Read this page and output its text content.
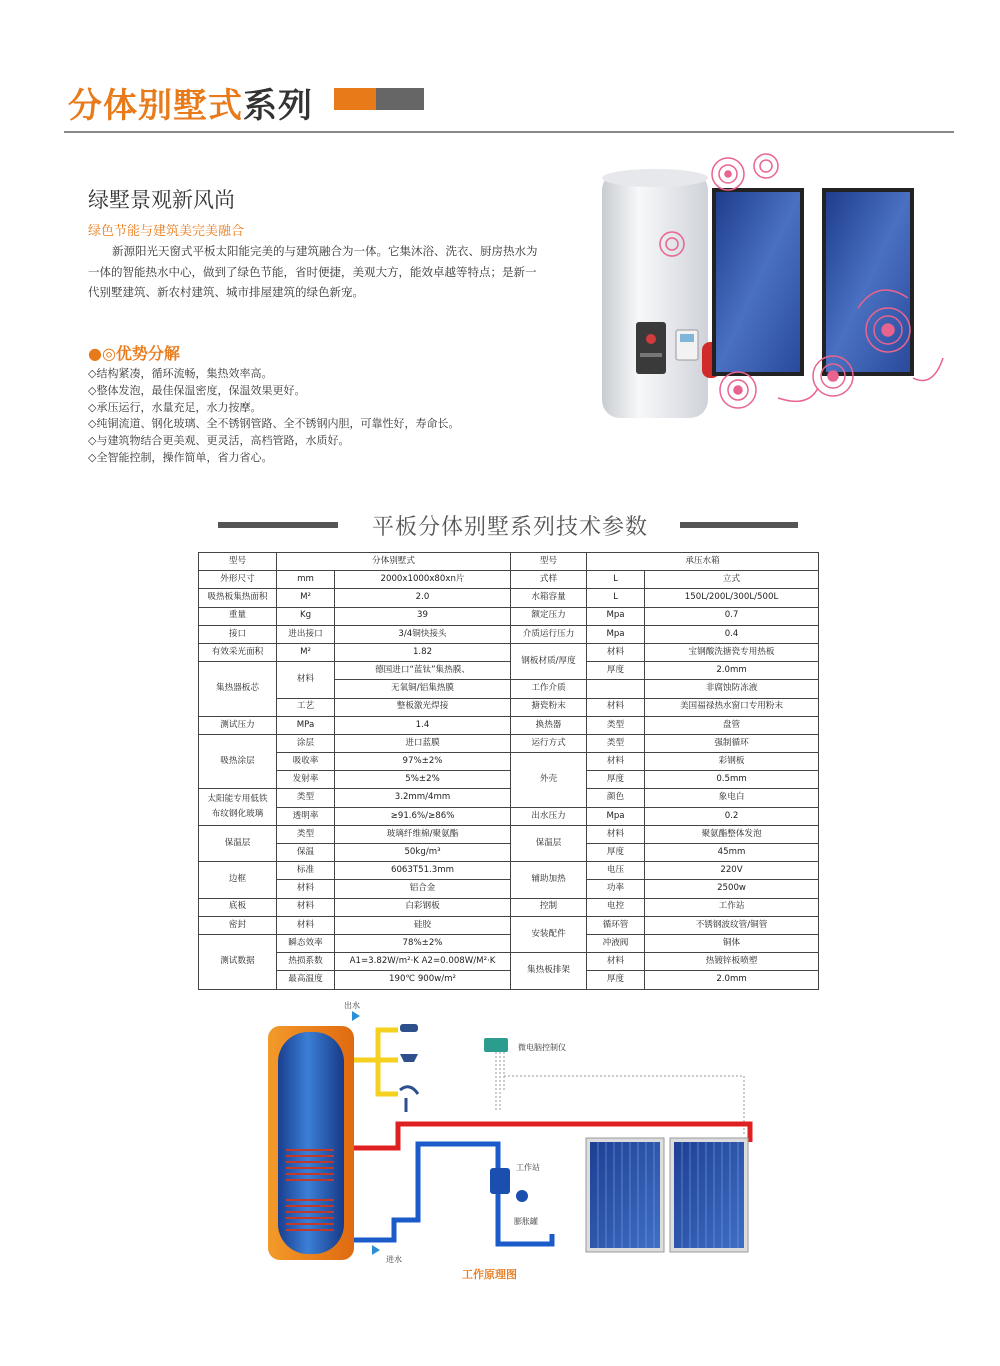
分体别墅式系列
绿墅景观新风尚
绿色节能与建筑美完美融合
新源阳光天窗式平板太阳能完美的与建筑融合为一体。它集沐浴、洗衣、厨房热水为一体的智能热水中心，做到了绿色节能，省时便捷，美观大方，能效卓越等特点；是新一代别墅建筑、新农村建筑、城市排屋建筑的绿色新宠。
●◎优势分解
◇结构紧凑，循环流畅，集热效率高。
◇整体发泡，最佳保温密度，保温效果更好。
◇承压运行，水量充足，水力按摩。
◇纯铜流道、钢化玻璃、全不锈钢管路、全不锈钢内胆，可靠性好，寿命长。
◇与建筑物结合更美观、更灵活，高档管路，水质好。
◇全智能控制，操作简单，省力省心。
平板分体别墅系列技术参数
型号	分体别墅式		型号	承压水箱	
外形尺寸	mm	2000x1000x80xn片	式样	L	立式
吸热板集热面积	M²	2.0	水箱容量	L	150L/200L/300L/500L
重量	Kg	39	额定压力	Mpa	0.7
接口	进出接口	3/4铜快接头	介质运行压力	Mpa	0.4
有效采光面积	M²	1.82	钢板材质/厚度	材料	宝钢酸洗搪瓷专用热板
集热器板芯	材料	德国进口“蓝钛”集热膜、		厚度	2.0mm
		无氧铜/铝集热膜	工作介质		非腐蚀防冻液
	工艺	整板激光焊接	搪瓷粉末	材料	美国福禄热水窗口专用粉末
测试压力	MPa	1.4	换热器	类型	盘管
吸热涂层	涂层	进口蓝膜	运行方式	类型	强制循环
	吸收率	97%±2%	外壳	材料	彩钢板
	发射率	5%±2%		厚度	0.5mm
太阳能专用低铁
布纹钢化玻璃	类型	3.2mm/4mm		颜色	象电白
	透明率	≥91.6%/≥86%	出水压力	Mpa	0.2
保温层	类型	玻璃纤维棉/聚氨酯	保温层	材料	聚氨酯整体发泡
	保温	50kg/m³		厚度	45mm
边框	标准	6063T51.3mm	辅助加热	电压	220V
	材料	铝合金		功率	2500w
底板	材料	白彩钢板	控制	电控	工作站
密封	材料	硅胶	安装配件	循环管	不锈钢波纹管/铜管
测试数据	瞬态效率	78%±2%		冲液阀	铜体
	热损系数	A1=3.82W/m²·K A2=0.008W/M²·K	集热板排架	材料	热镀锌板喷塑
	最高温度	190℃ 900w/m²		厚度	2.0mm
出水
进水
微电脑控制仪
工作站
膨胀罐
工作原理图
